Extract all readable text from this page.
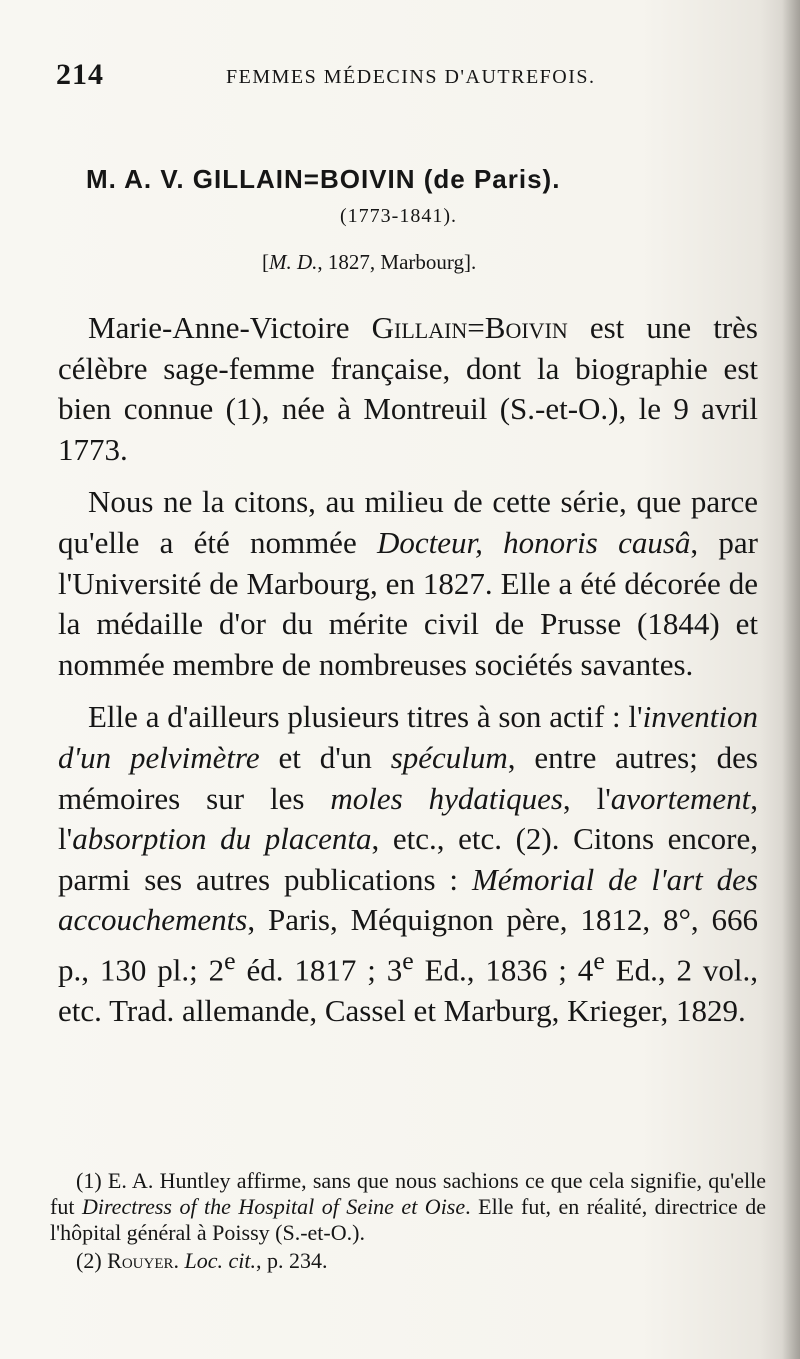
214	FEMMES MÉDECINS D'AUTREFOIS.
M. A. V. GILLAIN=BOIVIN (de Paris).
(1773-1841).
[M. D., 1827, Marbourg].

Marie-Anne-Victoire Gillain=Boivin est une très célèbre sage-femme française, dont la biographie est bien connue (1), née à Montreuil (S.-et-O.), le 9 avril 1773.

Nous ne la citons, au milieu de cette série, que parce qu'elle a été nommée Docteur, honoris causâ, par l'Université de Marbourg, en 1827. Elle a été décorée de la médaille d'or du mérite civil de Prusse (1844) et nommée membre de nombreuses sociétés savantes.

Elle a d'ailleurs plusieurs titres à son actif : l'invention d'un pelvimètre et d'un spéculum, entre autres; des mémoires sur les moles hydatiques, l'avortement, l'absorption du placenta, etc., etc. (2). Citons encore, parmi ses autres publications : Mémorial de l'art des accouchements, Paris, Méquignon père, 1812, 8°, 666 p., 130 pl.; 2e éd. 1817 ; 3e Ed., 1836 ; 4e Ed., 2 vol., etc. Trad. allemande, Cassel et Marburg, Krieger, 1829.

(1) E. A. Huntley affirme, sans que nous sachions ce que cela signifie, qu'elle fut Directress of the Hospital of Seine et Oise. Elle fut, en réalité, directrice de l'hôpital général à Poissy (S.-et-O.).

(2) Rouyer. Loc. cit., p. 234.
